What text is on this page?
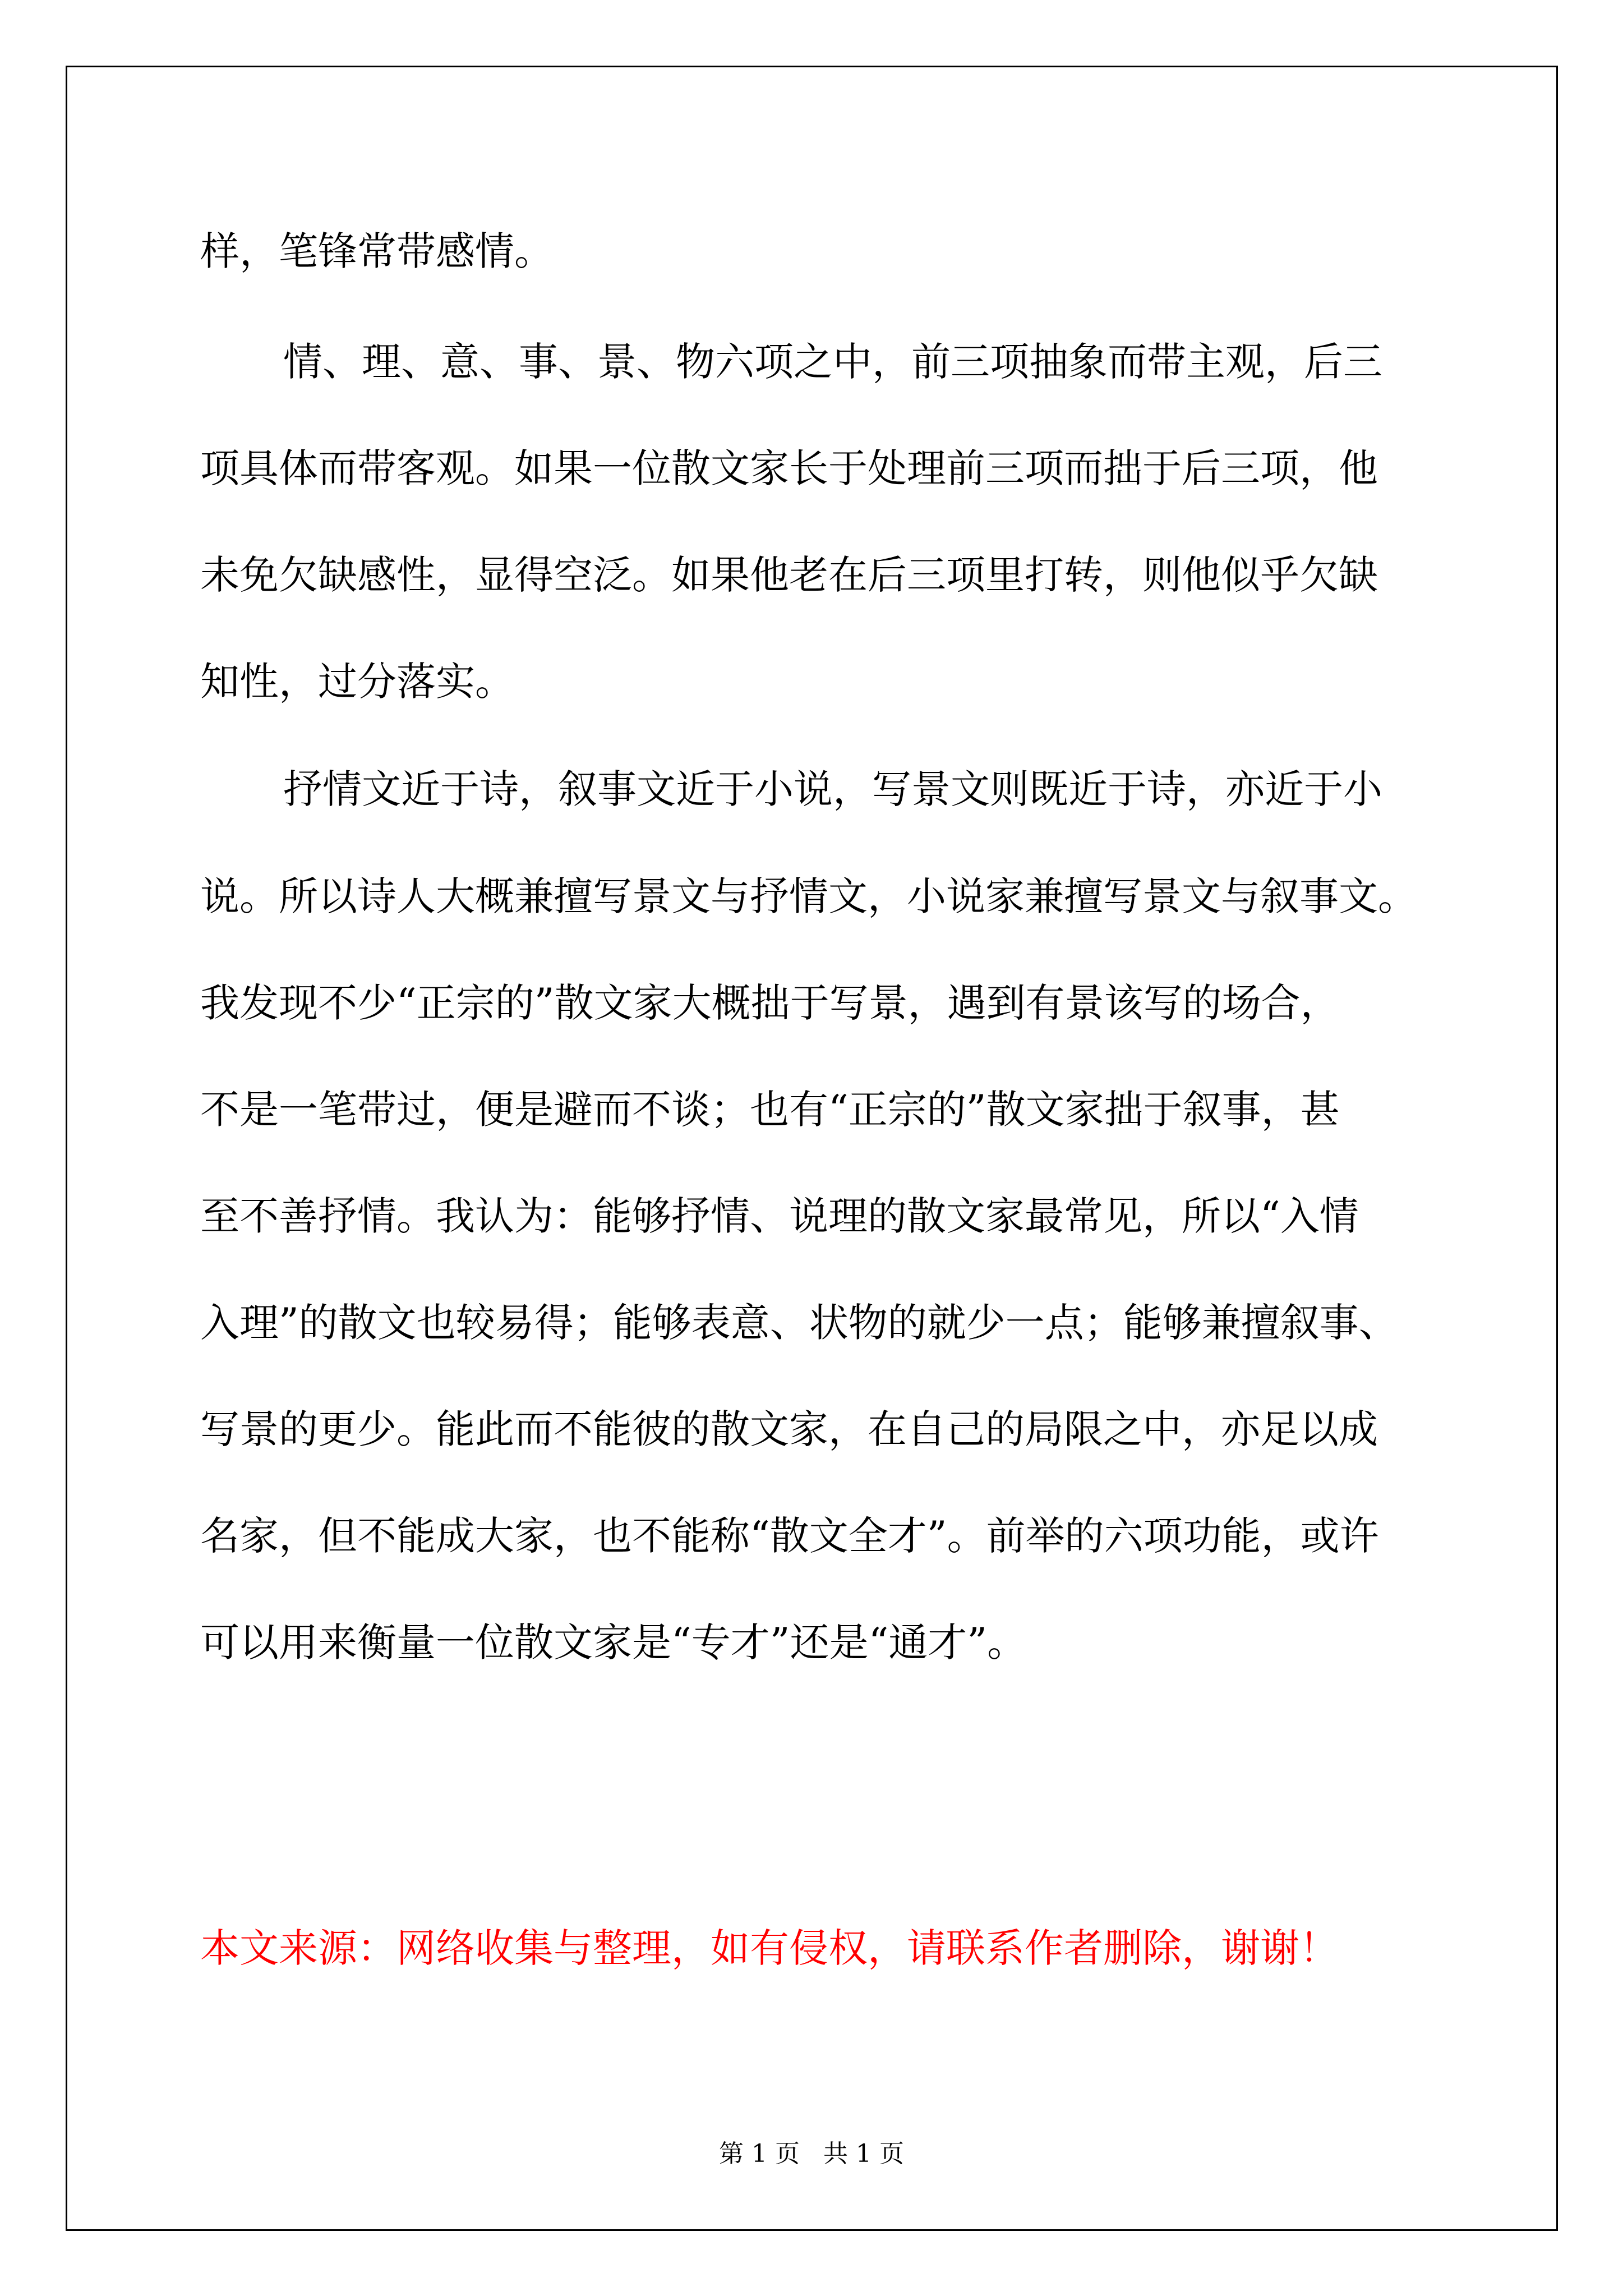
样，笔锋常带感情。
情、理、意、事、景、物六项之中，前三项抽象而带主观，后三
项具体而带客观。如果一位散文家长于处理前三项而拙于后三项，他
未免欠缺感性，显得空泛。如果他老在后三项里打转，则他似乎欠缺
知性，过分落实。
抒情文近于诗，叙事文近于小说，写景文则既近于诗，亦近于小
说。所以诗人大概兼擅写景文与抒情文，小说家兼擅写景文与叙事文。
我发现不少“正宗的”散文家大概拙于写景，遇到有景该写的场合，
不是一笔带过，便是避而不谈；也有“正宗的”散文家拙于叙事，甚
至不善抒情。我认为：能够抒情、说理的散文家最常见，所以“入情
入理”的散文也较易得；能够表意、状物的就少一点；能够兼擅叙事、
写景的更少。能此而不能彼的散文家，在自己的局限之中，亦足以成
名家，但不能成大家，也不能称“散文全才”。前举的六项功能，或许
可以用来衡量一位散文家是“专才”还是“通才”。
本文来源：网络收集与整理，如有侵权，请联系作者删除，谢谢！
第 1 页   共 1 页
